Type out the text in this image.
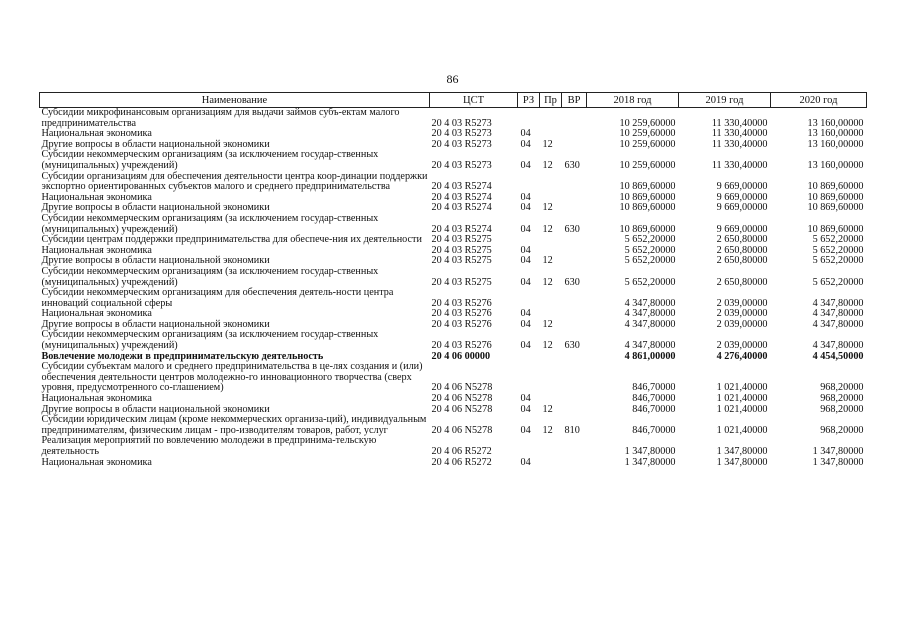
86
Наименование	ЦСТ	РЗ	Пр	ВР	2018 год	2019 год	2020 год
Субсидии микрофинансовым организациям для выдачи займов субъ-ектам малого предпринимательства	20 4 03 R5273				10 259,60000	11 330,40000	13 160,00000
Национальная экономика	20 4 03 R5273	04			10 259,60000	11 330,40000	13 160,00000
Другие вопросы в области национальной экономики	20 4 03 R5273	04	12		10 259,60000	11 330,40000	13 160,00000
Субсидии некоммерческим организациям (за исключением государ-ственных (муниципальных) учреждений)	20 4 03 R5273	04	12	630	10 259,60000	11 330,40000	13 160,00000
Субсидии организациям для обеспечения деятельности центра коор-динации поддержки экспортно ориентированных субъектов малого и среднего предпринимательства	20 4 03 R5274				10 869,60000	9 669,00000	10 869,60000
Национальная экономика	20 4 03 R5274	04			10 869,60000	9 669,00000	10 869,60000
Другие вопросы в области национальной экономики	20 4 03 R5274	04	12		10 869,60000	9 669,00000	10 869,60000
Субсидии некоммерческим организациям (за исключением государ-ственных (муниципальных) учреждений)	20 4 03 R5274	04	12	630	10 869,60000	9 669,00000	10 869,60000
Субсидии центрам поддержки предпринимательства для обеспече-ния их деятельности	20 4 03 R5275				5 652,20000	2 650,80000	5 652,20000
Национальная экономика	20 4 03 R5275	04			5 652,20000	2 650,80000	5 652,20000
Другие вопросы в области национальной экономики	20 4 03 R5275	04	12		5 652,20000	2 650,80000	5 652,20000
Субсидии некоммерческим организациям (за исключением государ-ственных (муниципальных) учреждений)	20 4 03 R5275	04	12	630	5 652,20000	2 650,80000	5 652,20000
Субсидии некоммерческим организациям для обеспечения деятель-ности центра инноваций социальной сферы	20 4 03 R5276				4 347,80000	2 039,00000	4 347,80000
Национальная экономика	20 4 03 R5276	04			4 347,80000	2 039,00000	4 347,80000
Другие вопросы в области национальной экономики	20 4 03 R5276	04	12		4 347,80000	2 039,00000	4 347,80000
Субсидии некоммерческим организациям (за исключением государ-ственных (муниципальных) учреждений)	20 4 03 R5276	04	12	630	4 347,80000	2 039,00000	4 347,80000
Вовлечение молодежи в предпринимательскую деятельность	20 4 06 00000				4 861,00000	4 276,40000	4 454,50000
Субсидии субъектам малого и среднего предпринимательства в це-лях создания и (или) обеспечения деятельности центров молодежно-го инновационного творчества (сверх уровня, предусмотренного со-глашением)	20 4 06 N5278				846,70000	1 021,40000	968,20000
Национальная экономика	20 4 06 N5278	04			846,70000	1 021,40000	968,20000
Другие вопросы в области национальной экономики	20 4 06 N5278	04	12		846,70000	1 021,40000	968,20000
Субсидии юридическим лицам (кроме некоммерческих организа-ций), индивидуальным предпринимателям, физическим лицам - про-изводителям товаров, работ, услуг	20 4 06 N5278	04	12	810	846,70000	1 021,40000	968,20000
Реализация мероприятий по вовлечению молодежи в предпринима-тельскую деятельность	20 4 06 R5272				1 347,80000	1 347,80000	1 347,80000
Национальная экономика	20 4 06 R5272	04			1 347,80000	1 347,80000	1 347,80000
